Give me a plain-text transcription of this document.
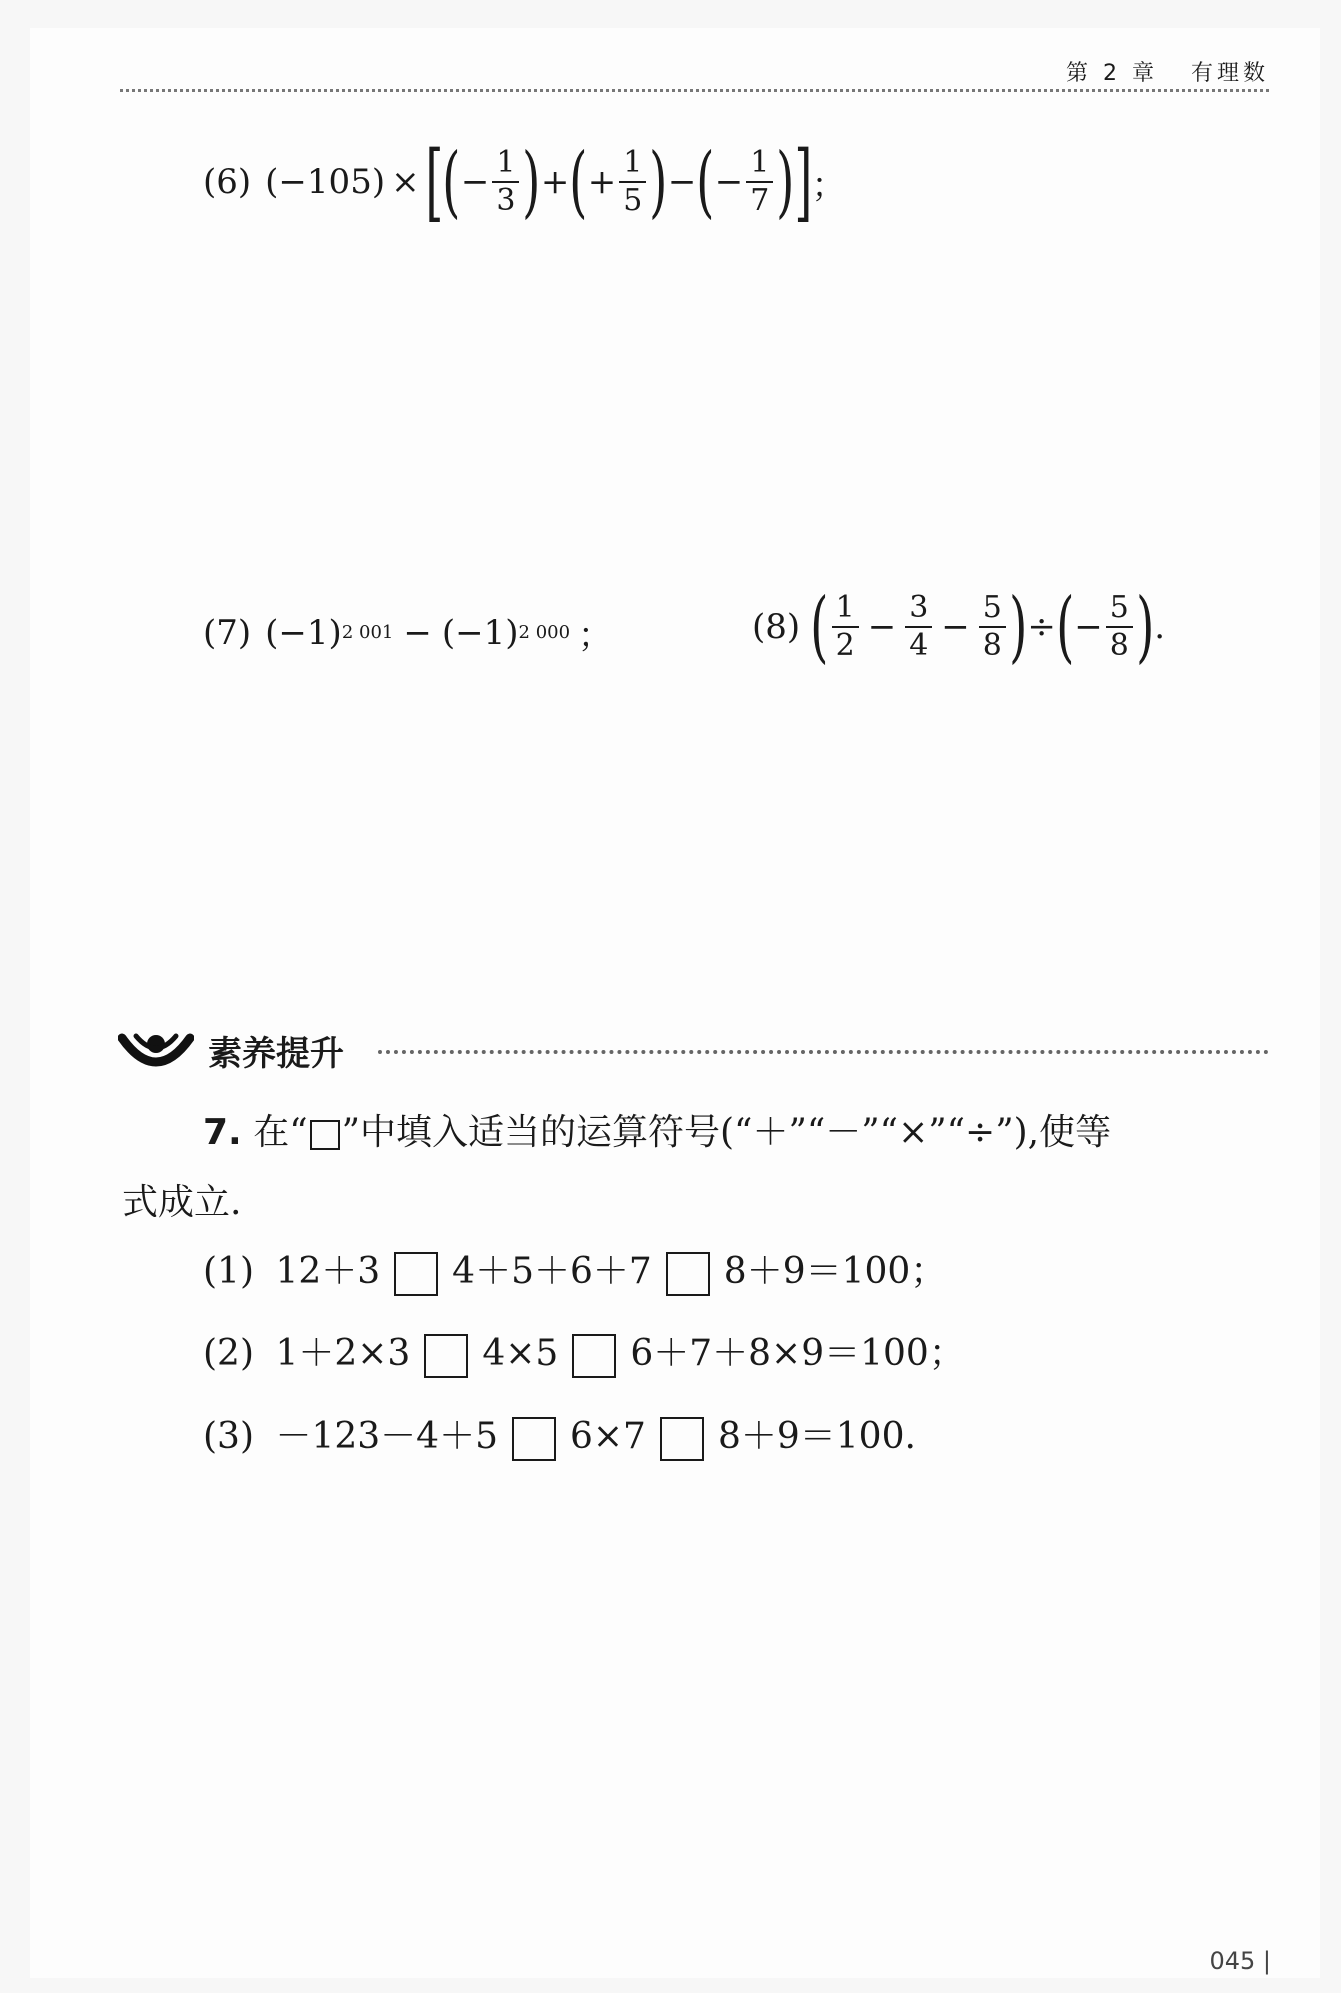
第 2 章 有理数
(6) (−105) × [ ( − $\frac{1}{3}$ ) + ( + $\frac{1}{5}$ ) − ( − $\frac{1}{7}$ ) ] ；
(7) (−1) 2 001 − (−1) 2 000 ；	(8) ( $\frac{1}{2} - \frac{3}{4} - \frac{5}{8}$ ) ÷ ( − $\frac{5}{8}$ ) .
素养提升
7. 在“ ”中填入适当的运算符号(“＋”“－”“×”“÷”),使等
式成立.
(1) 12＋3 4＋5＋6＋7 8＋9＝100；
(2) 1＋2×3 4×5 6＋7＋8×9＝100；
(3) －123－4＋5 6×7 8＋9＝100.
045 |
